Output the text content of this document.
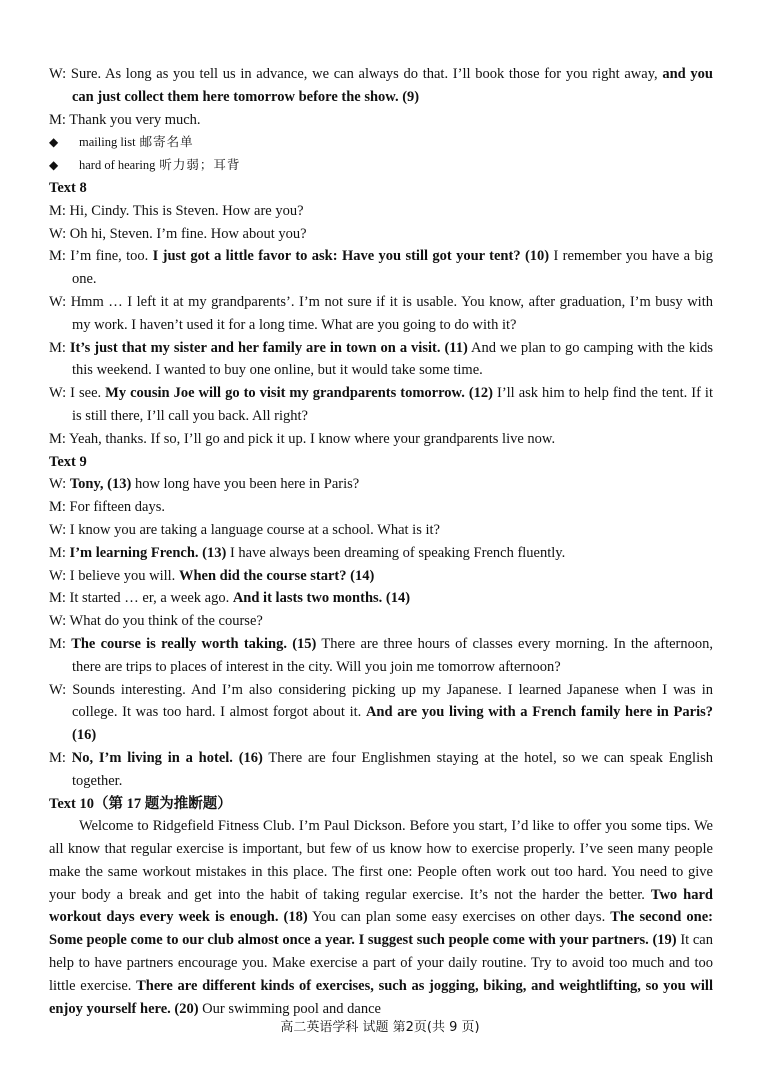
W: Sure. As long as you tell us in advance, we can always do that. I’ll book those for you right away, and you can just collect them here tomorrow before the show. (9)
M: Thank you very much.
◆ mailing list 邮寄名单
◆ hard of hearing 听力弱；耳背
Text 8
M: Hi, Cindy. This is Steven. How are you?
W: Oh hi, Steven. I’m fine. How about you?
M: I’m fine, too. I just got a little favor to ask: Have you still got your tent? (10) I remember you have a big one.
W: Hmm … I left it at my grandparents’. I’m not sure if it is usable. You know, after graduation, I’m busy with my work. I haven’t used it for a long time. What are you going to do with it?
M: It’s just that my sister and her family are in town on a visit. (11) And we plan to go camping with the kids this weekend. I wanted to buy one online, but it would take some time.
W: I see. My cousin Joe will go to visit my grandparents tomorrow. (12) I’ll ask him to help find the tent. If it is still there, I’ll call you back. All right?
M: Yeah, thanks. If so, I’ll go and pick it up. I know where your grandparents live now.
Text 9
W: Tony, (13) how long have you been here in Paris?
M: For fifteen days.
W: I know you are taking a language course at a school. What is it?
M: I’m learning French. (13) I have always been dreaming of speaking French fluently.
W: I believe you will. When did the course start? (14)
M: It started … er, a week ago. And it lasts two months. (14)
W: What do you think of the course?
M: The course is really worth taking. (15) There are three hours of classes every morning. In the afternoon, there are trips to places of interest in the city. Will you join me tomorrow afternoon?
W: Sounds interesting. And I’m also considering picking up my Japanese. I learned Japanese when I was in college. It was too hard. I almost forgot about it. And are you living with a French family here in Paris? (16)
M: No, I’m living in a hotel. (16) There are four Englishmen staying at the hotel, so we can speak English together.
Text 10（第 17 题为推断题）
Welcome to Ridgefield Fitness Club. I’m Paul Dickson. Before you start, I’d like to offer you some tips. We all know that regular exercise is important, but few of us know how to exercise properly. I’ve seen many people make the same workout mistakes in this place. The first one: People often work out too hard. You need to give your body a break and get into the habit of taking regular exercise. It’s not the harder the better. Two hard workout days every week is enough. (18) You can plan some easy exercises on other days. The second one: Some people come to our club almost once a year. I suggest such people come with your partners. (19) It can help to have partners encourage you. Make exercise a part of your daily routine. Try to avoid too much and too little exercise. There are different kinds of exercises, such as jogging, biking, and weightlifting, so you will enjoy yourself here. (20) Our swimming pool and dance
高二英语学科 试题 第2页(共 9 页)
